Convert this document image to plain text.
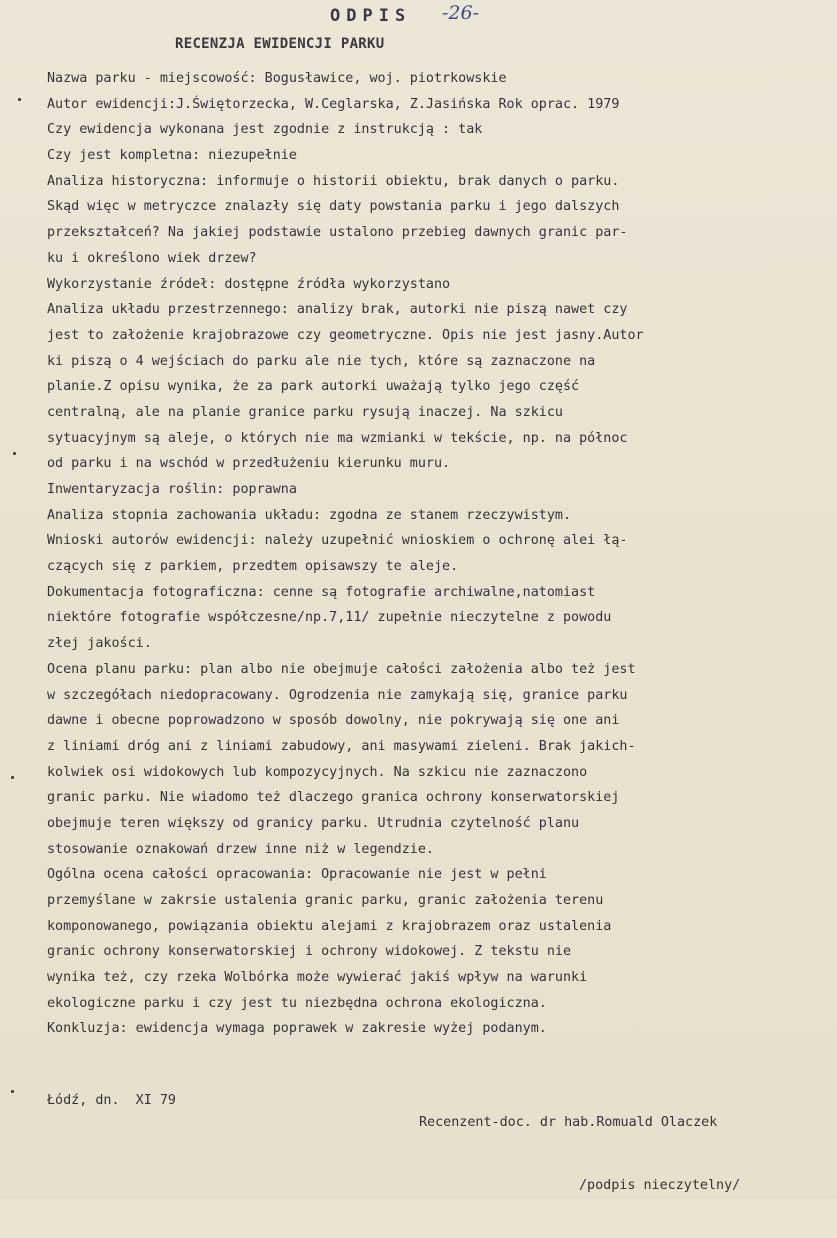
ODPIS -26-
RECENZJA EWIDENCJI PARKU
Nazwa parku - miejscowość: Bogusławice, woj. piotrkowskie
Autor ewidencji:J.Świętorzecka, W.Ceglarska, Z.Jasińska Rok oprac. 1979
Czy ewidencja wykonana jest zgodnie z instrukcją : tak
Czy jest kompletna: niezupełnie
Analiza historyczna: informuje o historii obiektu, brak danych o parku.
Skąd więc w metryczce znalazły się daty powstania parku i jego dalszych
przekształceń? Na jakiej podstawie ustalono przebieg dawnych granic par-
ku i określono wiek drzew?
Wykorzystanie źródeł: dostępne źródła wykorzystano
Analiza układu przestrzennego: analizy brak, autorki nie piszą nawet czy
jest to założenie krajobrazowe czy geometryczne. Opis nie jest jasny.Autor
ki piszą o 4 wejściach do parku ale nie tych, które są zaznaczone na
planie.Z opisu wynika, że za park autorki uważają tylko jego część
centralną, ale na planie granice parku rysują inaczej. Na szkicu
sytuacyjnym są aleje, o których nie ma wzmianki w tekście, np. na północ
od parku i na wschód w przedłużeniu kierunku muru.
Inwentaryzacja roślin: poprawna
Analiza stopnia zachowania układu: zgodna ze stanem rzeczywistym.
Wnioski autorów ewidencji: należy uzupełnić wnioskiem o ochronę alei łą-
czących się z parkiem, przedtem opisawszy te aleje.
Dokumentacja fotograficzna: cenne są fotografie archiwalne,natomiast
niektóre fotografie współczesne/np.7,11/ zupełnie nieczytelne z powodu
złej jakości.
Ocena planu parku: plan albo nie obejmuje całości założenia albo też jest
w szczegółach niedopracowany. Ogrodzenia nie zamykają się, granice parku
dawne i obecne poprowadzono w sposób dowolny, nie pokrywają się one ani
z liniami dróg ani z liniami zabudowy, ani masywami zieleni. Brak jakich-
kolwiek osi widokowych lub kompozycyjnych. Na szkicu nie zaznaczono
granic parku. Nie wiadomo też dlaczego granica ochrony konserwatorskiej
obejmuje teren większy od granicy parku. Utrudnia czytelność planu
stosowanie oznakowań drzew inne niż w legendzie.
Ogólna ocena całości opracowania: Opracowanie nie jest w pełni
przemyślane w zakrsie ustalenia granic parku, granic założenia terenu
komponowanego, powiązania obiektu alejami z krajobrazem oraz ustalenia
granic ochrony konserwatorskiej i ochrony widokowej. Z tekstu nie
wynika też, czy rzeka Wolbórka może wywierać jakiś wpływ na warunki
ekologiczne parku i czy jest tu niezbędna ochrona ekologiczna.
Konkluzja: ewidencja wymaga poprawek w zakresie wyżej podanym.

Recenzent-doc. dr hab.Romuald Olaczek

/podpis nieczytelny/

Łódź, dn.  XI 79
